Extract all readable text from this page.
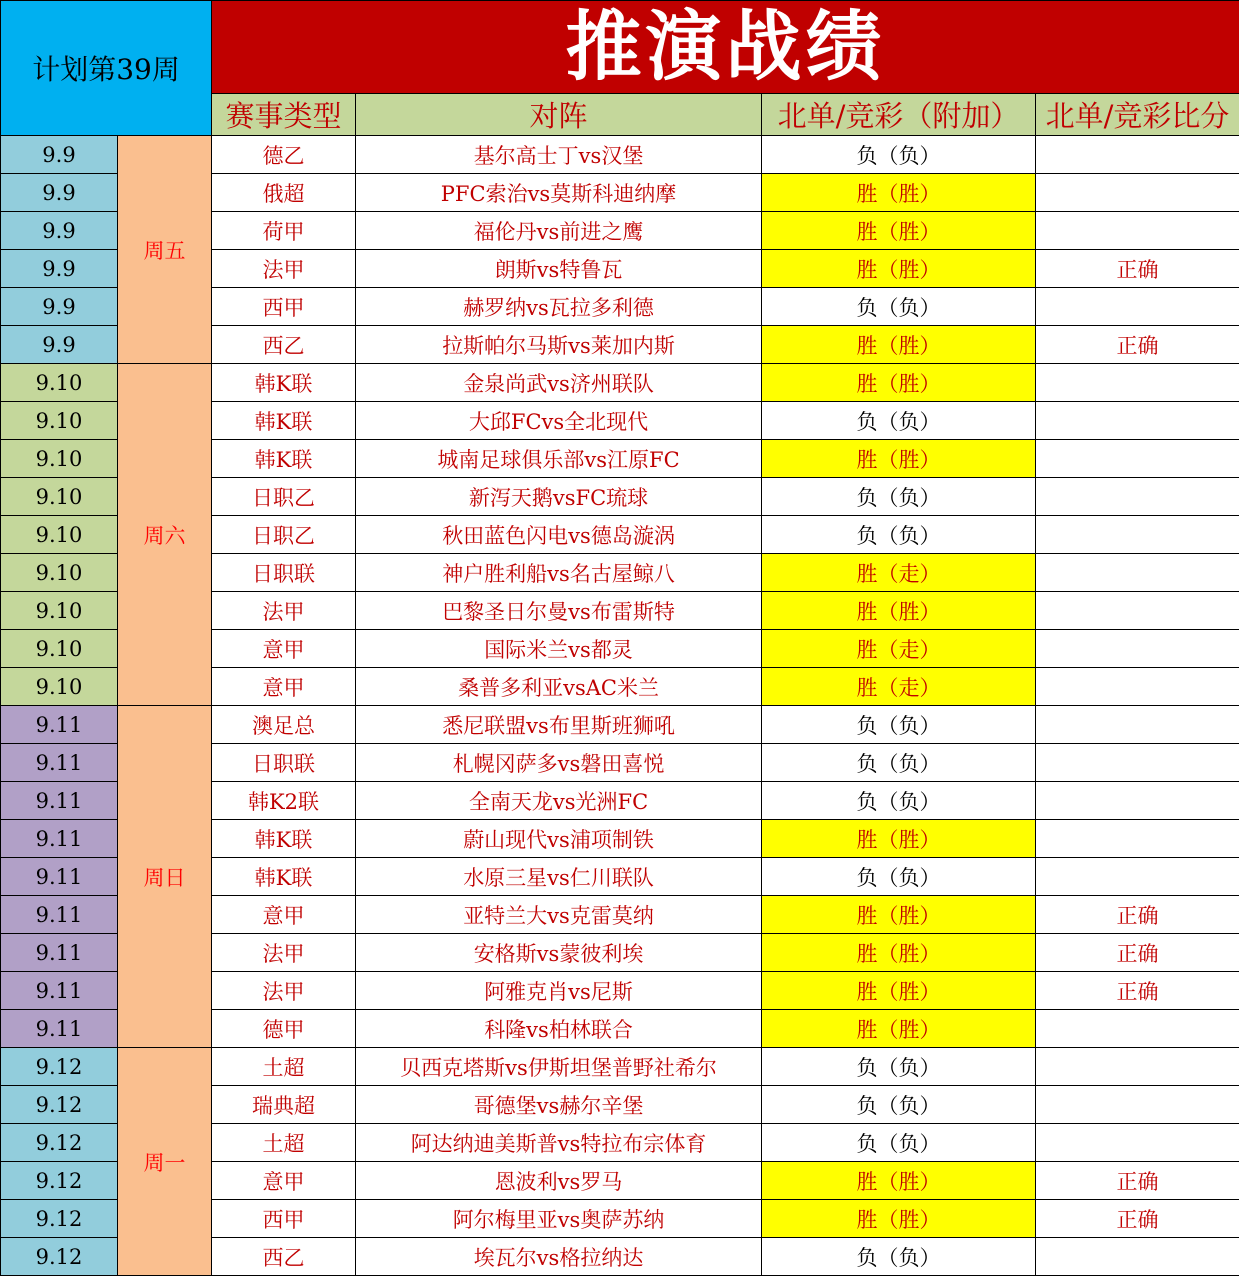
计划第39周		推演战绩			
		赛事类型	对阵	北单/竞彩（附加）	北单/竞彩比分
9.9	周五	德乙	基尔高士丁vs汉堡	负（负）	
9.9		俄超	PFC索治vs莫斯科迪纳摩	胜（胜）	
9.9		荷甲	福伦丹vs前进之鹰	胜（胜）	
9.9		法甲	朗斯vs特鲁瓦	胜（胜）	正确
9.9		西甲	赫罗纳vs瓦拉多利德	负（负）	
9.9		西乙	拉斯帕尔马斯vs莱加内斯	胜（胜）	正确
9.10	周六	韩K联	金泉尚武vs济州联队	胜（胜）	
9.10		韩K联	大邱FCvs全北现代	负（负）	
9.10		韩K联	城南足球俱乐部vs江原FC	胜（胜）	
9.10		日职乙	新泻天鹅vsFC琉球	负（负）	
9.10		日职乙	秋田蓝色闪电vs德岛漩涡	负（负）	
9.10		日职联	神户胜利船vs名古屋鲸八	胜（走）	
9.10		法甲	巴黎圣日尔曼vs布雷斯特	胜（胜）	
9.10		意甲	国际米兰vs都灵	胜（走）	
9.10		意甲	桑普多利亚vsAC米兰	胜（走）	
9.11	周日	澳足总	悉尼联盟vs布里斯班狮吼	负（负）	
9.11		日职联	札幌冈萨多vs磐田喜悦	负（负）	
9.11		韩K2联	全南天龙vs光洲FC	负（负）	
9.11		韩K联	蔚山现代vs浦项制铁	胜（胜）	
9.11		韩K联	水原三星vs仁川联队	负（负）	
9.11		意甲	亚特兰大vs克雷莫纳	胜（胜）	正确
9.11		法甲	安格斯vs蒙彼利埃	胜（胜）	正确
9.11		法甲	阿雅克肖vs尼斯	胜（胜）	正确
9.11		德甲	科隆vs柏林联合	胜（胜）	
9.12	周一	土超	贝西克塔斯vs伊斯坦堡普野社希尔	负（负）	
9.12		瑞典超	哥德堡vs赫尔辛堡	负（负）	
9.12		土超	阿达纳迪美斯普vs特拉布宗体育	负（负）	
9.12		意甲	恩波利vs罗马	胜（胜）	正确
9.12		西甲	阿尔梅里亚vs奥萨苏纳	胜（胜）	正确
9.12		西乙	埃瓦尔vs格拉纳达	负（负）	
